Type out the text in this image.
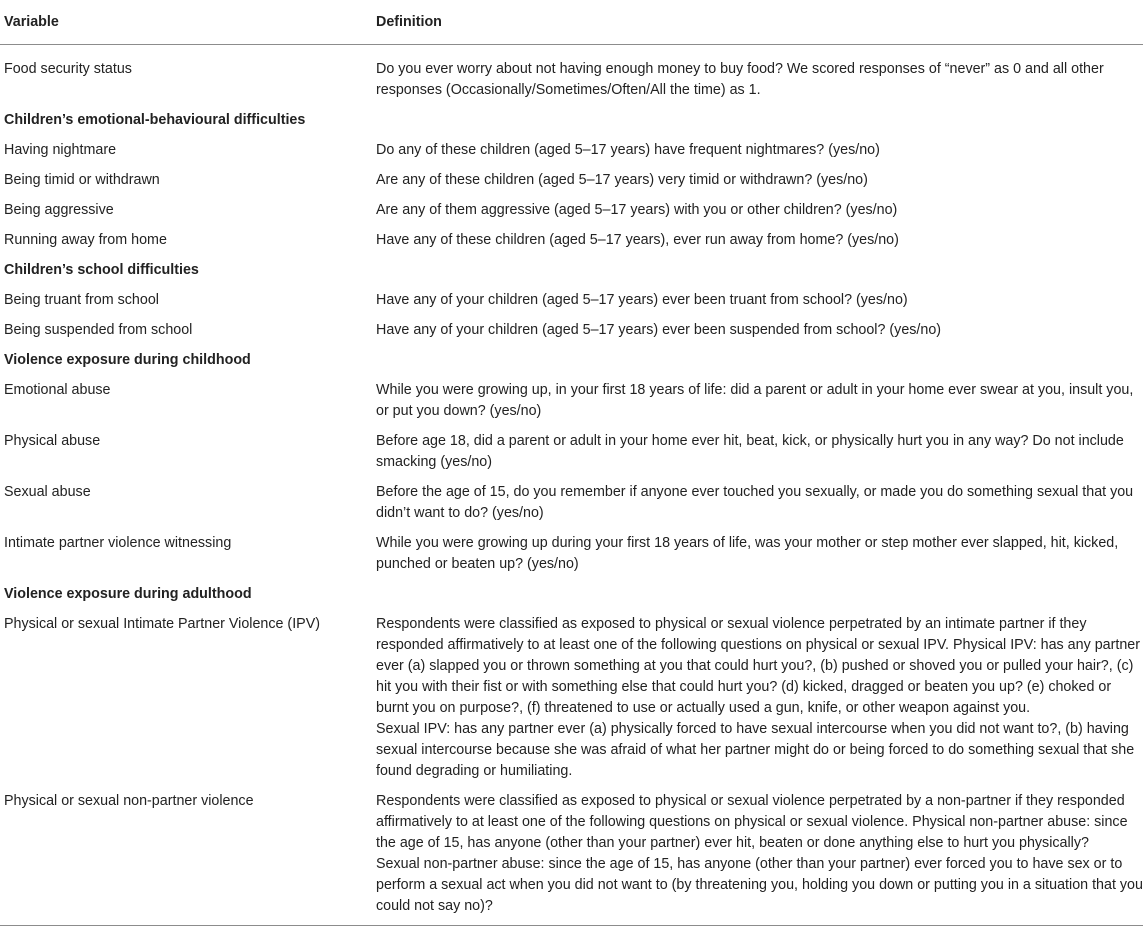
Variable	Definition
Food security status	Do you ever worry about not having enough money to buy food? We scored responses of “never” as 0 and all other responses (Occasionally/Sometimes/Often/All the time) as 1.
Children’s emotional-behavioural difficulties	
Having nightmare	Do any of these children (aged 5–17 years) have frequent nightmares? (yes/no)
Being timid or withdrawn	Are any of these children (aged 5–17 years) very timid or withdrawn? (yes/no)
Being aggressive	Are any of them aggressive (aged 5–17 years) with you or other children? (yes/no)
Running away from home	Have any of these children (aged 5–17 years), ever run away from home? (yes/no)
Children’s school difficulties	
Being truant from school	Have any of your children (aged 5–17 years) ever been truant from school? (yes/no)
Being suspended from school	Have any of your children (aged 5–17 years) ever been suspended from school? (yes/no)
Violence exposure during childhood	
Emotional abuse	While you were growing up, in your first 18 years of life: did a parent or adult in your home ever swear at you, insult you, or put you down? (yes/no)
Physical abuse	Before age 18, did a parent or adult in your home ever hit, beat, kick, or physically hurt you in any way? Do not include smacking (yes/no)
Sexual abuse	Before the age of 15, do you remember if anyone ever touched you sexually, or made you do something sexual that you didn’t want to do? (yes/no)
Intimate partner violence witnessing	While you were growing up during your first 18 years of life, was your mother or step mother ever slapped, hit, kicked, punched or beaten up? (yes/no)
Violence exposure during adulthood	
Physical or sexual Intimate Partner Violence (IPV)	Respondents were classified as exposed to physical or sexual violence perpetrated by an intimate partner if they responded affirmatively to at least one of the following questions on physical or sexual IPV. Physical IPV: has any partner ever (a) slapped you or thrown something at you that could hurt you?, (b) pushed or shoved you or pulled your hair?, (c) hit you with their fist or with something else that could hurt you? (d) kicked, dragged or beaten you up? (e) choked or burnt you on purpose?, (f) threatened to use or actually used a gun, knife, or other weapon against you.

Sexual IPV: has any partner ever (a) physically forced to have sexual intercourse when you did not want to?, (b) having sexual intercourse because she was afraid of what her partner might do or being forced to do something sexual that she found degrading or humiliating.

Physical or sexual non-partner violence	Respondents were classified as exposed to physical or sexual violence perpetrated by a non-partner if they responded affirmatively to at least one of the following questions on physical or sexual violence. Physical non-partner abuse: since the age of 15, has anyone (other than your partner) ever hit, beaten or done anything else to hurt you physically?

Sexual non-partner abuse: since the age of 15, has anyone (other than your partner) ever forced you to have sex or to perform a sexual act when you did not want to (by threatening you, holding you down or putting you in a situation that you could not say no)?
